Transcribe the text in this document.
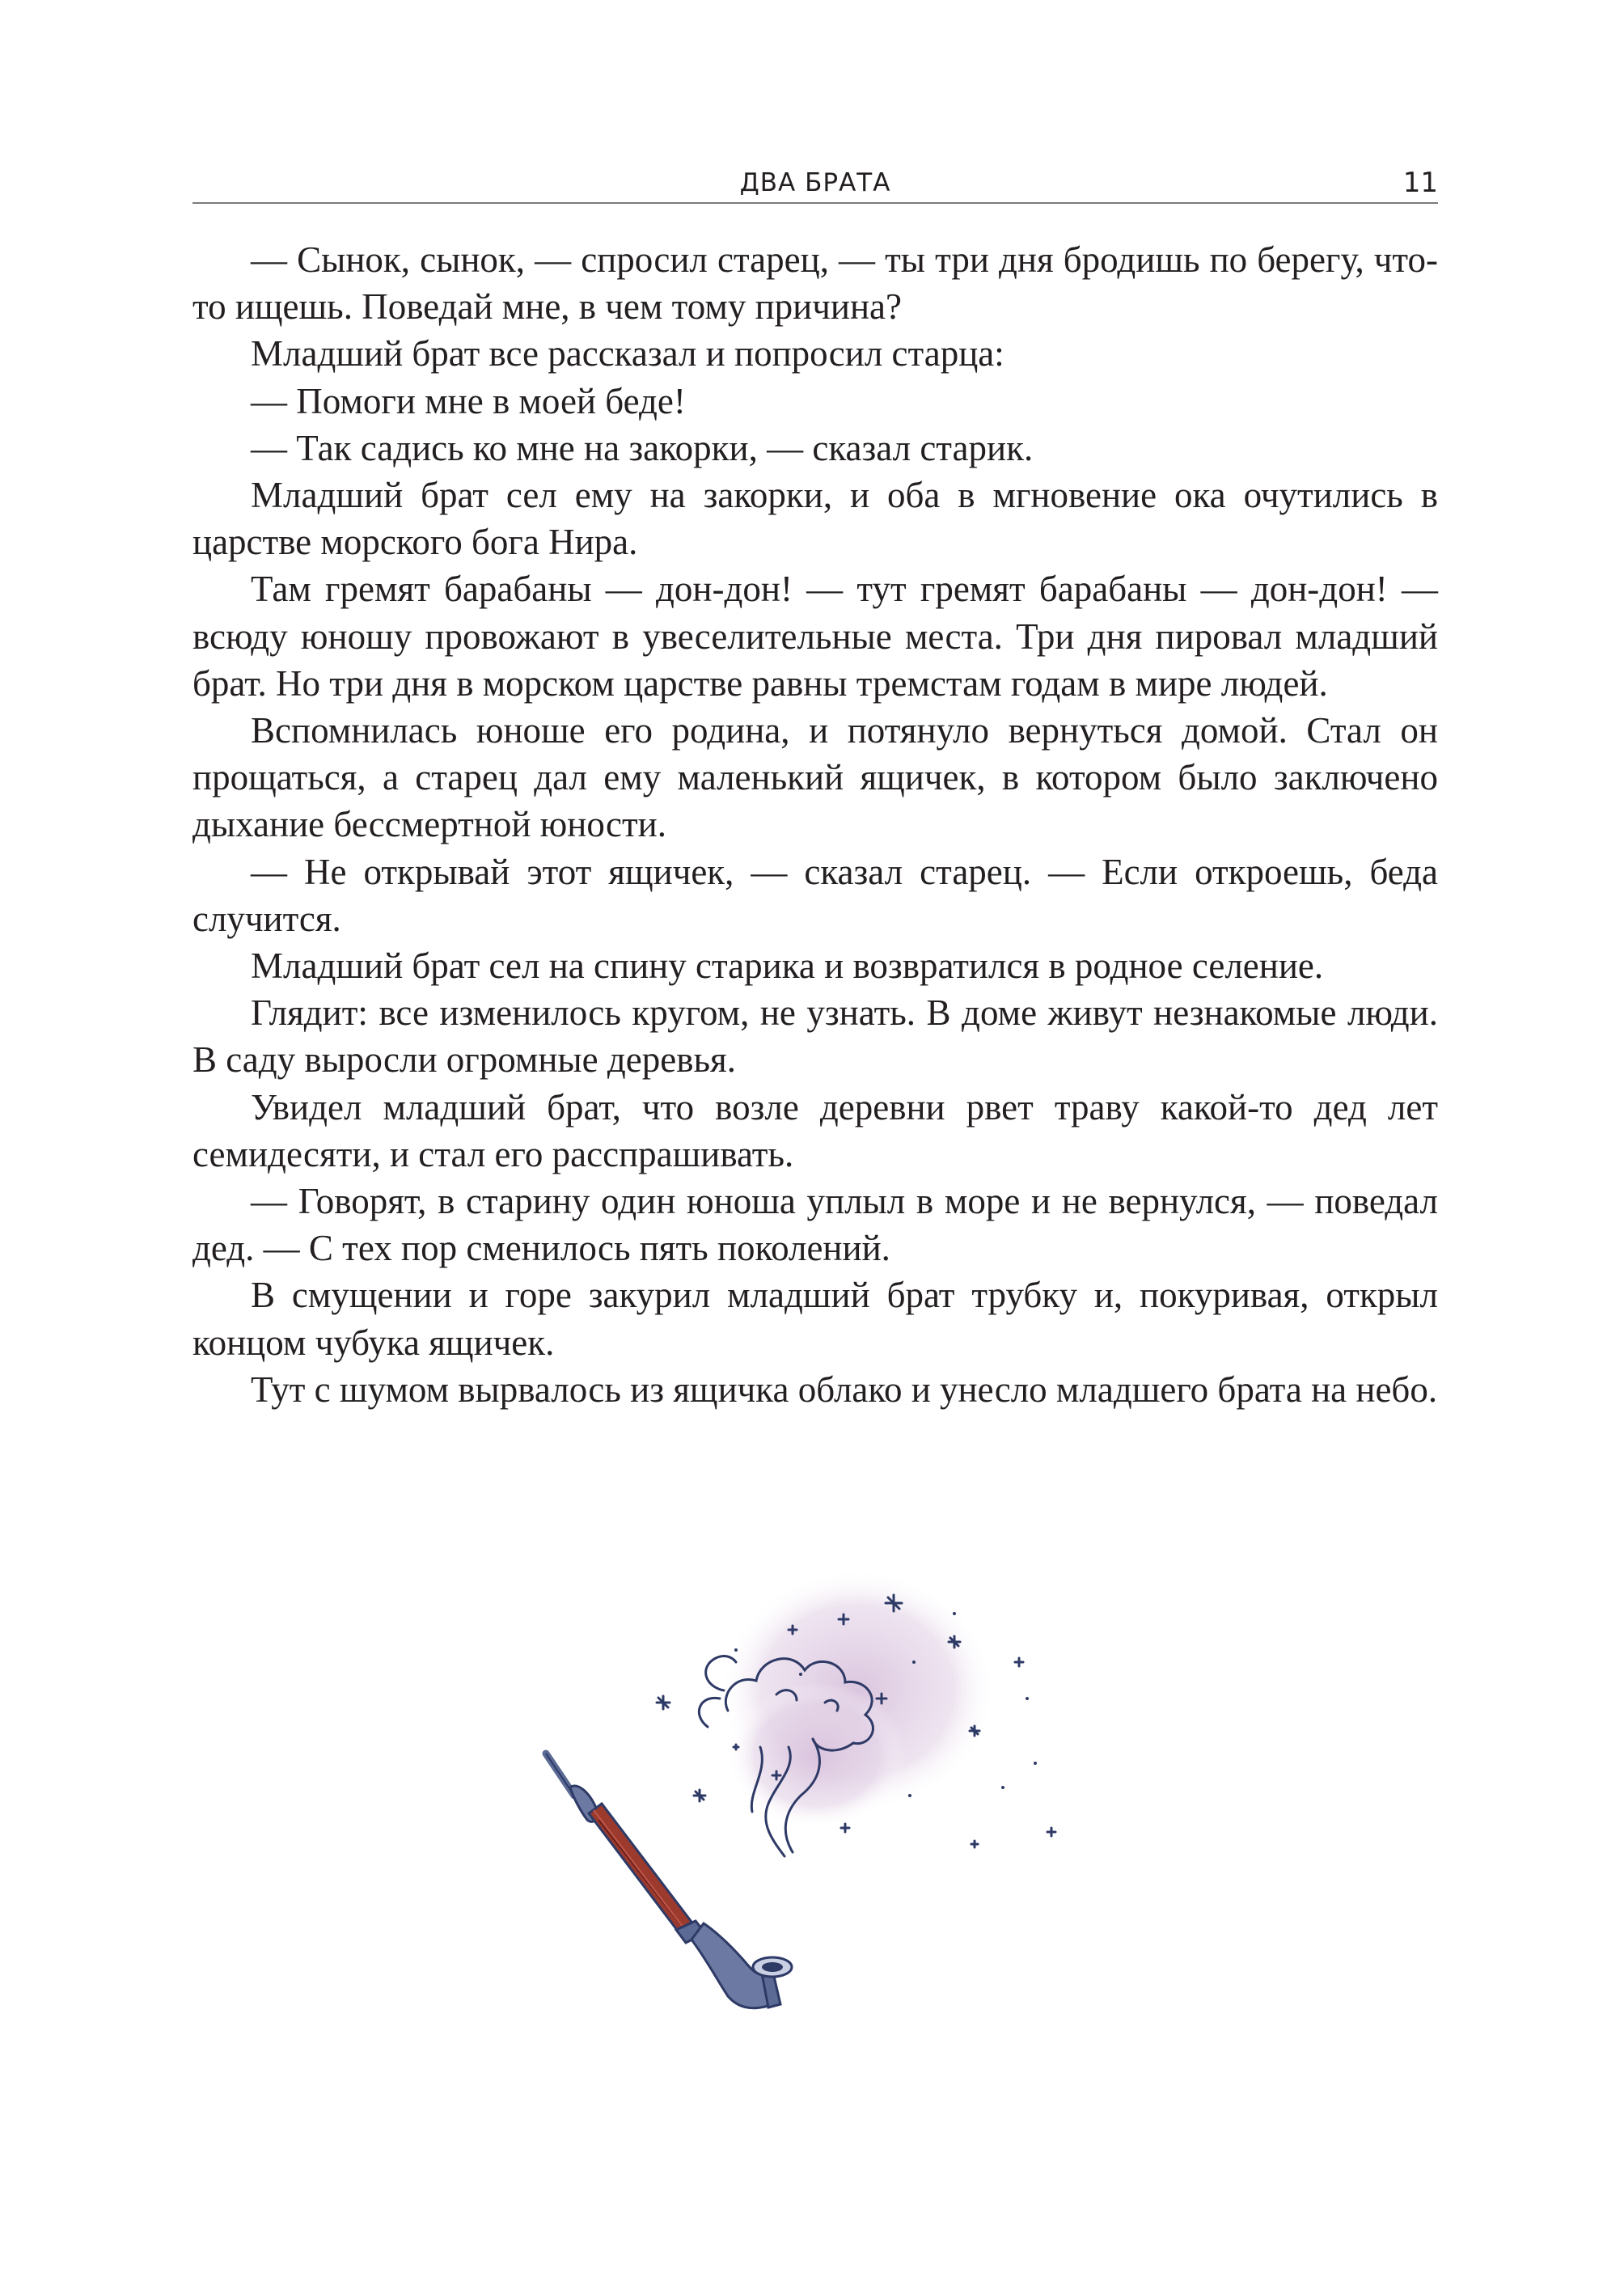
ДВА БРАТА	11

— Сынок, сынок, — спросил старец, — ты три дня бродишь по берегу, что-то ищешь. Поведай мне, в чем тому причина?

Младший брат все рассказал и попросил старца:

— Помоги мне в моей беде!

— Так садись ко мне на закорки, — сказал старик.

Младший брат сел ему на закорки, и оба в мгновение ока очутились в царстве морского бога Нира.

Там гремят барабаны — дон-дон! — тут гремят барабаны — дон-дон! — всюду юношу провожают в увеселительные места. Три дня пировал младший брат. Но три дня в морском царстве равны тремстам годам в мире людей.

Вспомнилась юноше его родина, и потянуло вернуться домой. Стал он прощаться, а старец дал ему маленький ящичек, в котором было заключено дыхание бессмертной юности.

— Не открывай этот ящичек, — сказал старец. — Если откроешь, беда случится.

Младший брат сел на спину старика и возвратился в родное селение.

Глядит: все изменилось кругом, не узнать. В доме живут незнакомые люди. В саду выросли огромные деревья.

Увидел младший брат, что возле деревни рвет траву какой-то дед лет семидесяти, и стал его расспрашивать.

— Говорят, в старину один юноша уплыл в море и не вернулся, — поведал дед. — С тех пор сменилось пять поколений.

В смущении и горе закурил младший брат трубку и, покуривая, открыл концом чубука ящичек.

Тут с шумом вырвалось из ящичка облако и унесло младшего брата на небо.
